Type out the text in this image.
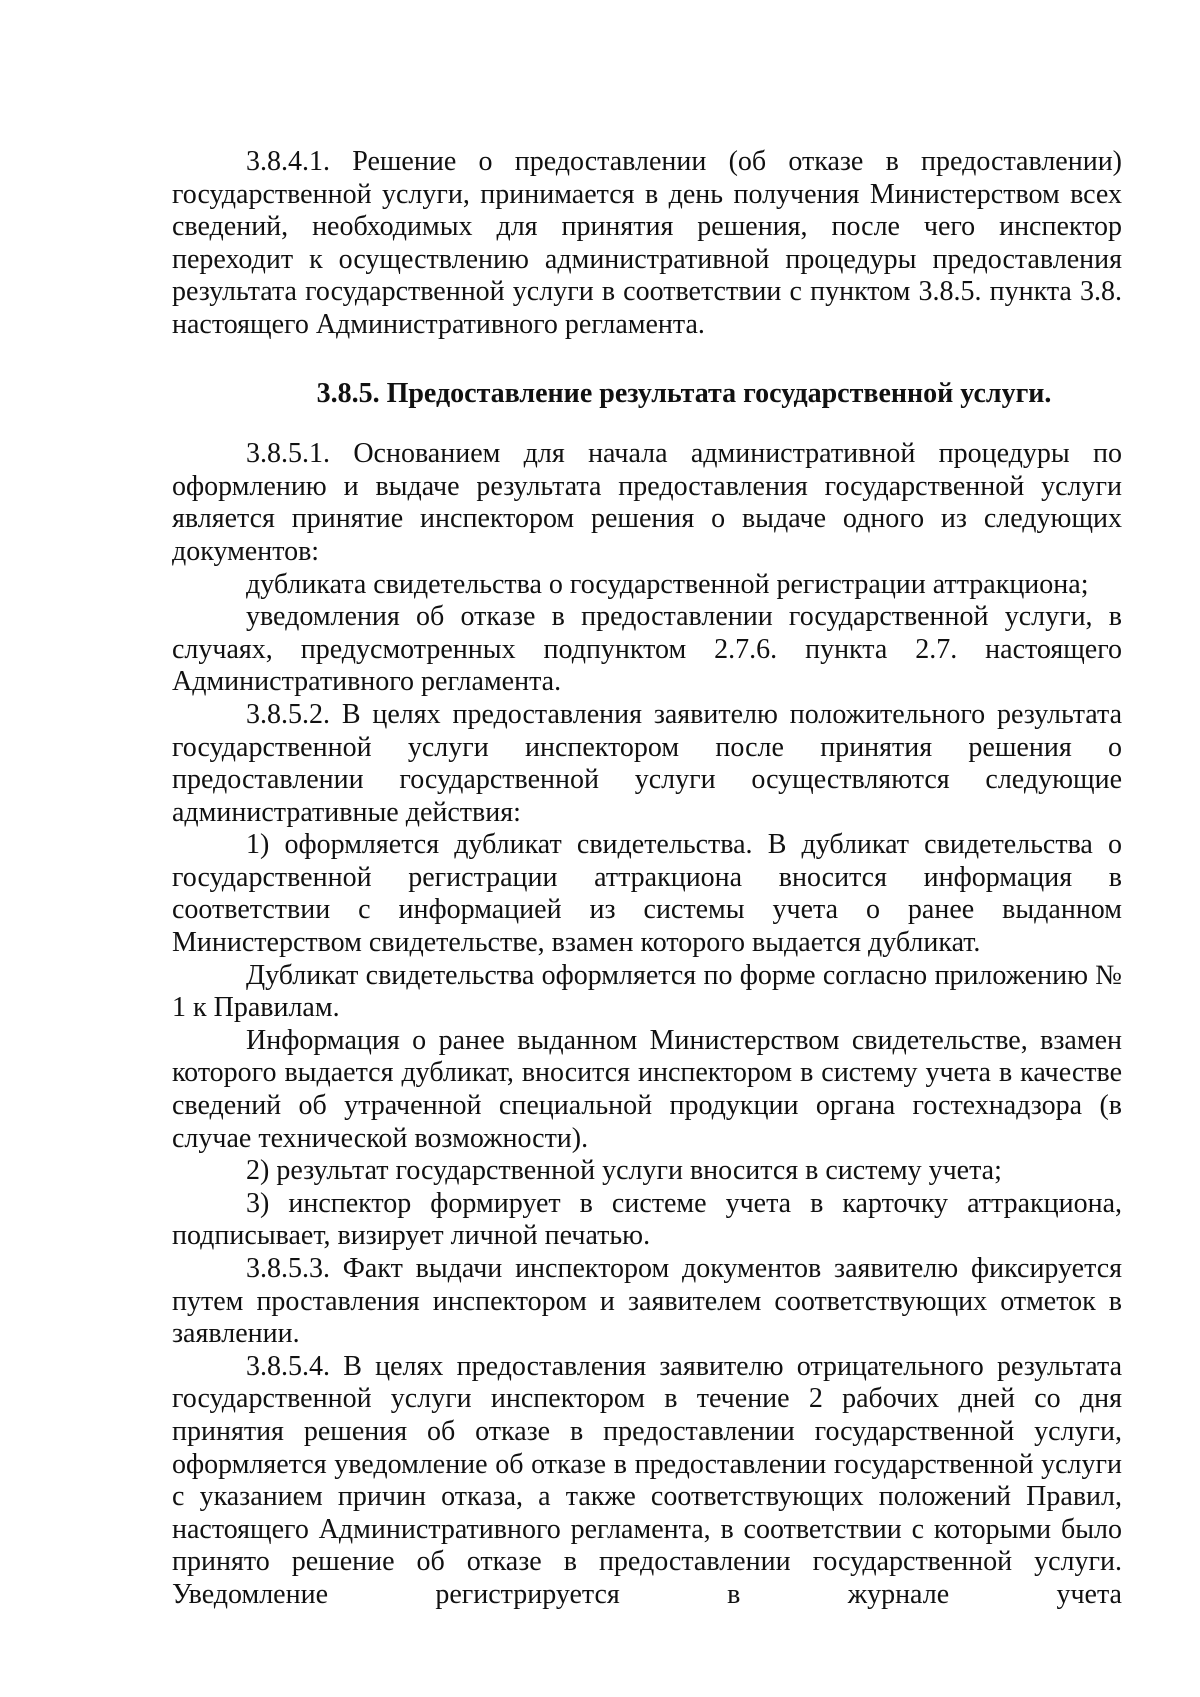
3.8.4.1. Решение о предоставлении (об отказе в предоставлении) государственной услуги, принимается в день получения Министерством всех сведений, необходимых для принятия решения, после чего инспектор переходит к осуществлению административной процедуры предоставления результата государственной услуги в соответствии с пунктом 3.8.5. пункта 3.8. настоящего Административного регламента.

3.8.5. Предоставление результата государственной услуги.

3.8.5.1. Основанием для начала административной процедуры по оформлению и выдаче результата предоставления государственной услуги является принятие инспектором решения о выдаче одного из следующих документов:

дубликата свидетельства о государственной регистрации аттракциона;

уведомления об отказе в предоставлении государственной услуги, в случаях, предусмотренных подпунктом 2.7.6. пункта 2.7. настоящего Административного регламента.

3.8.5.2. В целях предоставления заявителю положительного результата государственной услуги инспектором после принятия решения о предоставлении государственной услуги осуществляются следующие административные действия:

1) оформляется дубликат свидетельства. В дубликат свидетельства о государственной регистрации аттракциона вносится информация в соответствии с информацией из системы учета о ранее выданном Министерством свидетельстве, взамен которого выдается дубликат.

Дубликат свидетельства оформляется по форме согласно приложению № 1 к Правилам.

Информация о ранее выданном Министерством свидетельстве, взамен которого выдается дубликат, вносится инспектором в систему учета в качестве сведений об утраченной специальной продукции органа гостехнадзора (в случае технической возможности).

2) результат государственной услуги вносится в систему учета;

3) инспектор формирует в системе учета в карточку аттракциона, подписывает, визирует личной печатью.

3.8.5.3. Факт выдачи инспектором документов заявителю фиксируется путем проставления инспектором и заявителем соответствующих отметок в заявлении.

3.8.5.4. В целях предоставления заявителю отрицательного результата государственной услуги инспектором в течение 2 рабочих дней со дня принятия решения об отказе в предоставлении государственной услуги, оформляется уведомление об отказе в предоставлении государственной услуги с указанием причин отказа, а также соответствующих положений Правил, настоящего Административного регламента, в соответствии с которыми было принято решение об отказе в предоставлении государственной услуги. Уведомление регистрируется в журнале учета
